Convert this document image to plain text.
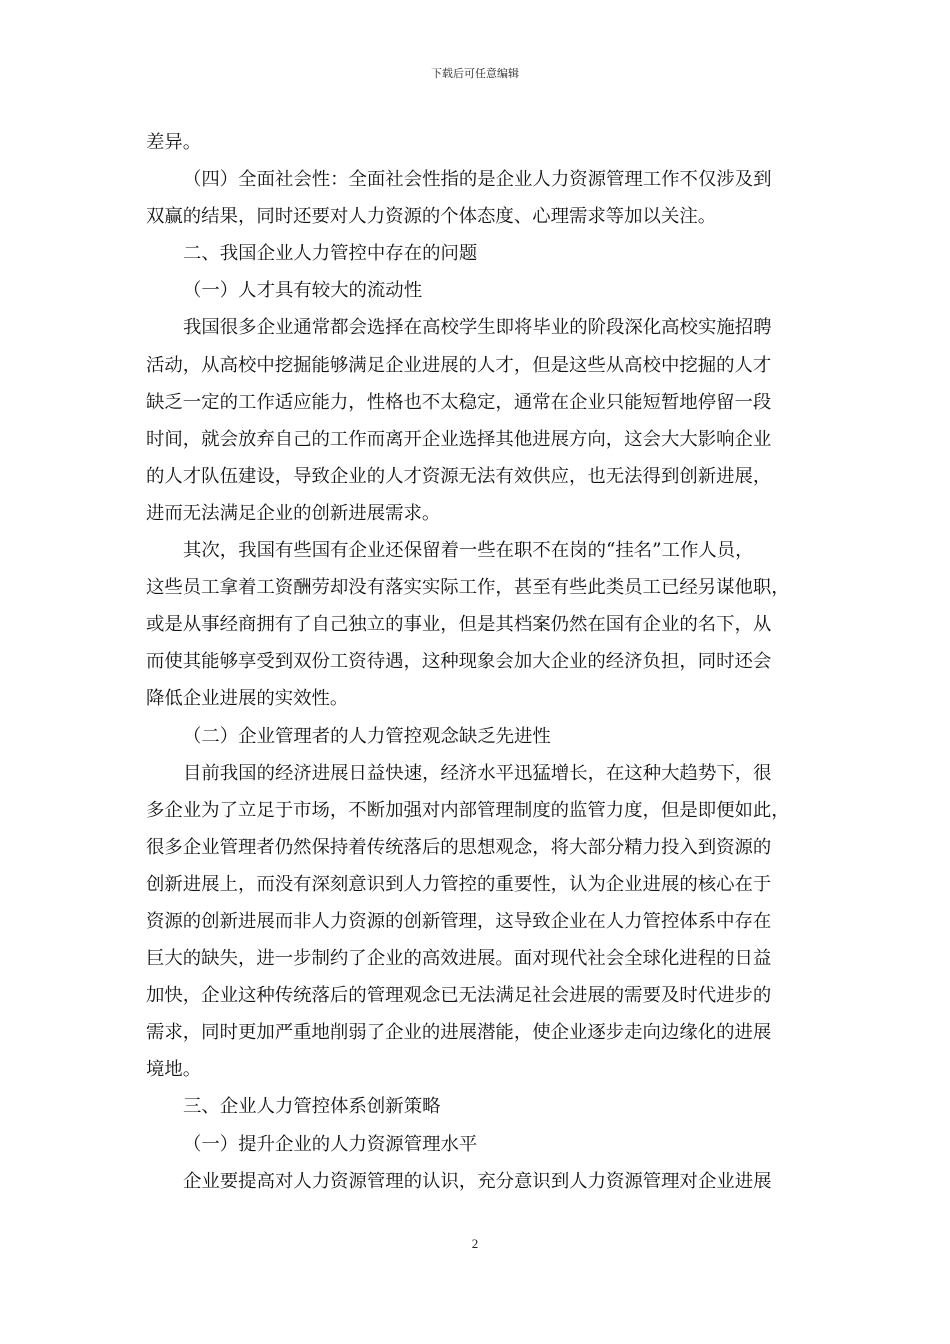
下载后可任意编辑
差异。
（四）全面社会性：全面社会性指的是企业人力资源管理工作不仅涉及到
双赢的结果，同时还要对人力资源的个体态度、心理需求等加以关注。
二、我国企业人力管控中存在的问题
（一）人才具有较大的流动性
我国很多企业通常都会选择在高校学生即将毕业的阶段深化高校实施招聘
活动，从高校中挖掘能够满足企业进展的人才，但是这些从高校中挖掘的人才
缺乏一定的工作适应能力，性格也不太稳定，通常在企业只能短暂地停留一段
时间，就会放弃自己的工作而离开企业选择其他进展方向，这会大大影响企业
的人才队伍建设，导致企业的人才资源无法有效供应，也无法得到创新进展，
进而无法满足企业的创新进展需求。
其次，我国有些国有企业还保留着一些在职不在岗的“挂名”工作人员，
这些员工拿着工资酬劳却没有落实实际工作，甚至有些此类员工已经另谋他职，
或是从事经商拥有了自己独立的事业，但是其档案仍然在国有企业的名下，从
而使其能够享受到双份工资待遇，这种现象会加大企业的经济负担，同时还会
降低企业进展的实效性。
（二）企业管理者的人力管控观念缺乏先进性
目前我国的经济进展日益快速，经济水平迅猛增长，在这种大趋势下，很
多企业为了立足于市场，不断加强对内部管理制度的监管力度，但是即便如此，
很多企业管理者仍然保持着传统落后的思想观念，将大部分精力投入到资源的
创新进展上，而没有深刻意识到人力管控的重要性，认为企业进展的核心在于
资源的创新进展而非人力资源的创新管理，这导致企业在人力管控体系中存在
巨大的缺失，进一步制约了企业的高效进展。面对现代社会全球化进程的日益
加快，企业这种传统落后的管理观念已无法满足社会进展的需要及时代进步的
需求，同时更加严重地削弱了企业的进展潜能，使企业逐步走向边缘化的进展
境地。
三、企业人力管控体系创新策略
（一）提升企业的人力资源管理水平
企业要提高对人力资源管理的认识，充分意识到人力资源管理对企业进展
2
